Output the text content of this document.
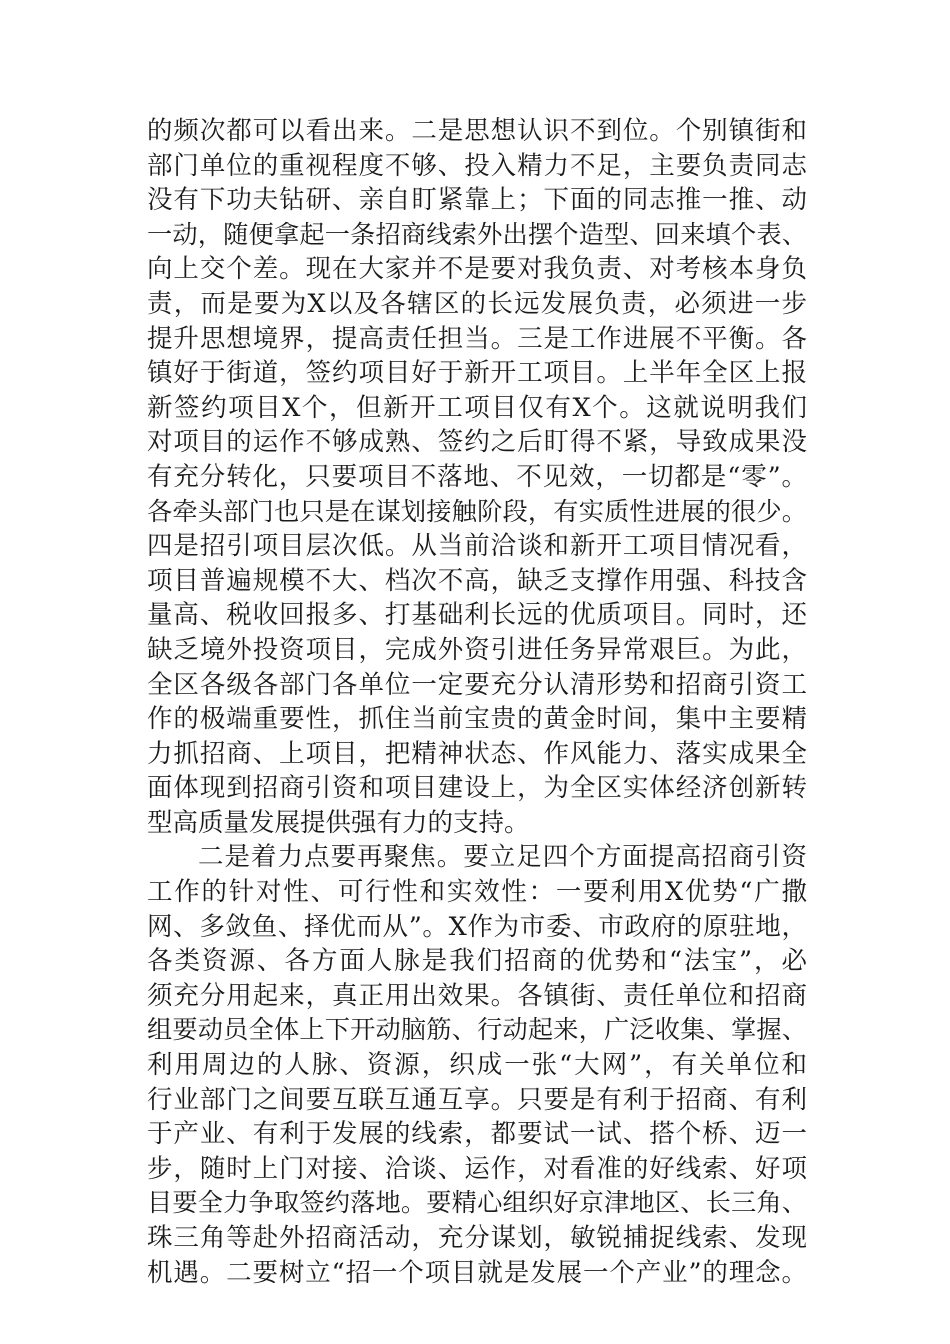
的频次都可以看出来。二是思想认识不到位。个别镇街和
部门单位的重视程度不够、投入精力不足，主要负责同志
没有下功夫钻研、亲自盯紧靠上；下面的同志推一推、动
一动，随便拿起一条招商线索外出摆个造型、回来填个表、
向上交个差。现在大家并不是要对我负责、对考核本身负
责，而是要为X以及各辖区的长远发展负责，必须进一步
提升思想境界，提高责任担当。三是工作进展不平衡。各
镇好于街道，签约项目好于新开工项目。上半年全区上报
新签约项目X个，但新开工项目仅有X个。这就说明我们
对项目的运作不够成熟、签约之后盯得不紧，导致成果没
有充分转化，只要项目不落地、不见效，一切都是“零”。
各牵头部门也只是在谋划接触阶段，有实质性进展的很少。
四是招引项目层次低。从当前洽谈和新开工项目情况看，
项目普遍规模不大、档次不高，缺乏支撑作用强、科技含
量高、税收回报多、打基础利长远的优质项目。同时，还
缺乏境外投资项目，完成外资引进任务异常艰巨。为此，
全区各级各部门各单位一定要充分认清形势和招商引资工
作的极端重要性，抓住当前宝贵的黄金时间，集中主要精
力抓招商、上项目，把精神状态、作风能力、落实成果全
面体现到招商引资和项目建设上，为全区实体经济创新转
型高质量发展提供强有力的支持。
二是着力点要再聚焦。要立足四个方面提高招商引资
工作的针对性、可行性和实效性：一要利用X优势“广撒
网、多敛鱼、择优而从”。X作为市委、市政府的原驻地，
各类资源、各方面人脉是我们招商的优势和“法宝”，必
须充分用起来，真正用出效果。各镇街、责任单位和招商
组要动员全体上下开动脑筋、行动起来，广泛收集、掌握、
利用周边的人脉、资源，织成一张“大网”，有关单位和
行业部门之间要互联互通互享。只要是有利于招商、有利
于产业、有利于发展的线索，都要试一试、搭个桥、迈一
步，随时上门对接、洽谈、运作，对看准的好线索、好项
目要全力争取签约落地。要精心组织好京津地区、长三角、
珠三角等赴外招商活动，充分谋划，敏锐捕捉线索、发现
机遇。二要树立“招一个项目就是发展一个产业”的理念。
